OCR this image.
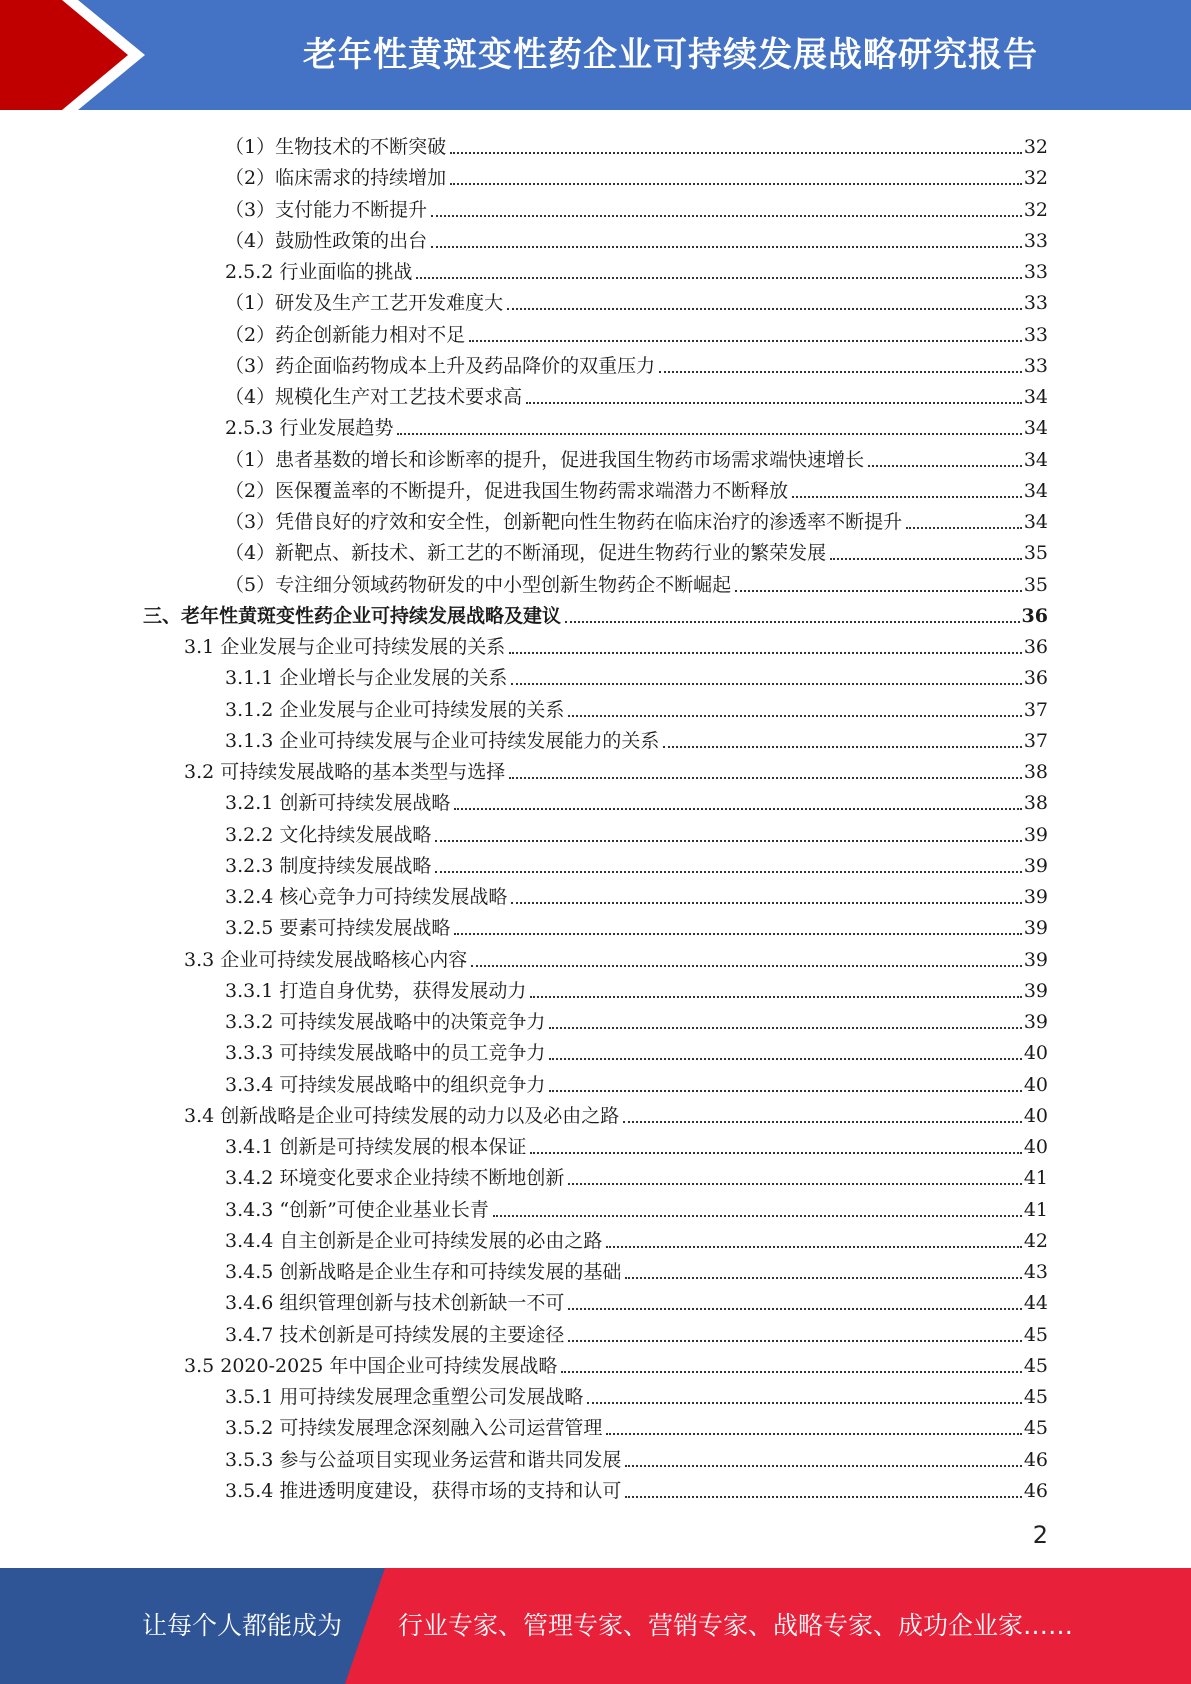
老年性黄斑变性药企业可持续发展战略研究报告
（1）生物技术的不断突破	32
（2）临床需求的持续增加	32
（3）支付能力不断提升	32
（4）鼓励性政策的出台	33
2.5.2 行业面临的挑战	33
（1）研发及生产工艺开发难度大	33
（2）药企创新能力相对不足	33
（3）药企面临药物成本上升及药品降价的双重压力	33
（4）规模化生产对工艺技术要求高	34
2.5.3 行业发展趋势	34
（1）患者基数的增长和诊断率的提升，促进我国生物药市场需求端快速增长	34
（2）医保覆盖率的不断提升，促进我国生物药需求端潜力不断释放	34
（3）凭借良好的疗效和安全性，创新靶向性生物药在临床治疗的渗透率不断提升	34
（4）新靶点、新技术、新工艺的不断涌现，促进生物药行业的繁荣发展	35
（5）专注细分领域药物研发的中小型创新生物药企不断崛起	35
三、老年性黄斑变性药企业可持续发展战略及建议	36
3.1 企业发展与企业可持续发展的关系	36
3.1.1 企业增长与企业发展的关系	36
3.1.2 企业发展与企业可持续发展的关系	37
3.1.3 企业可持续发展与企业可持续发展能力的关系	37
3.2 可持续发展战略的基本类型与选择	38
3.2.1 创新可持续发展战略	38
3.2.2 文化持续发展战略	39
3.2.3 制度持续发展战略	39
3.2.4 核心竞争力可持续发展战略	39
3.2.5 要素可持续发展战略	39
3.3 企业可持续发展战略核心内容	39
3.3.1 打造自身优势，获得发展动力	39
3.3.2 可持续发展战略中的决策竞争力	39
3.3.3 可持续发展战略中的员工竞争力	40
3.3.4 可持续发展战略中的组织竞争力	40
3.4 创新战略是企业可持续发展的动力以及必由之路	40
3.4.1 创新是可持续发展的根本保证	40
3.4.2 环境变化要求企业持续不断地创新	41
3.4.3 “创新”可使企业基业长青	41
3.4.4 自主创新是企业可持续发展的必由之路	42
3.4.5 创新战略是企业生存和可持续发展的基础	43
3.4.6 组织管理创新与技术创新缺一不可	44
3.4.7 技术创新是可持续发展的主要途径	45
3.5 2020-2025 年中国企业可持续发展战略	45
3.5.1 用可持续发展理念重塑公司发展战略	45
3.5.2 可持续发展理念深刻融入公司运营管理	45
3.5.3 参与公益项目实现业务运营和谐共同发展	46
3.5.4 推进透明度建设，获得市场的支持和认可	46
2
让每个人都能成为 行业专家、管理专家、营销专家、战略专家、成功企业家……
